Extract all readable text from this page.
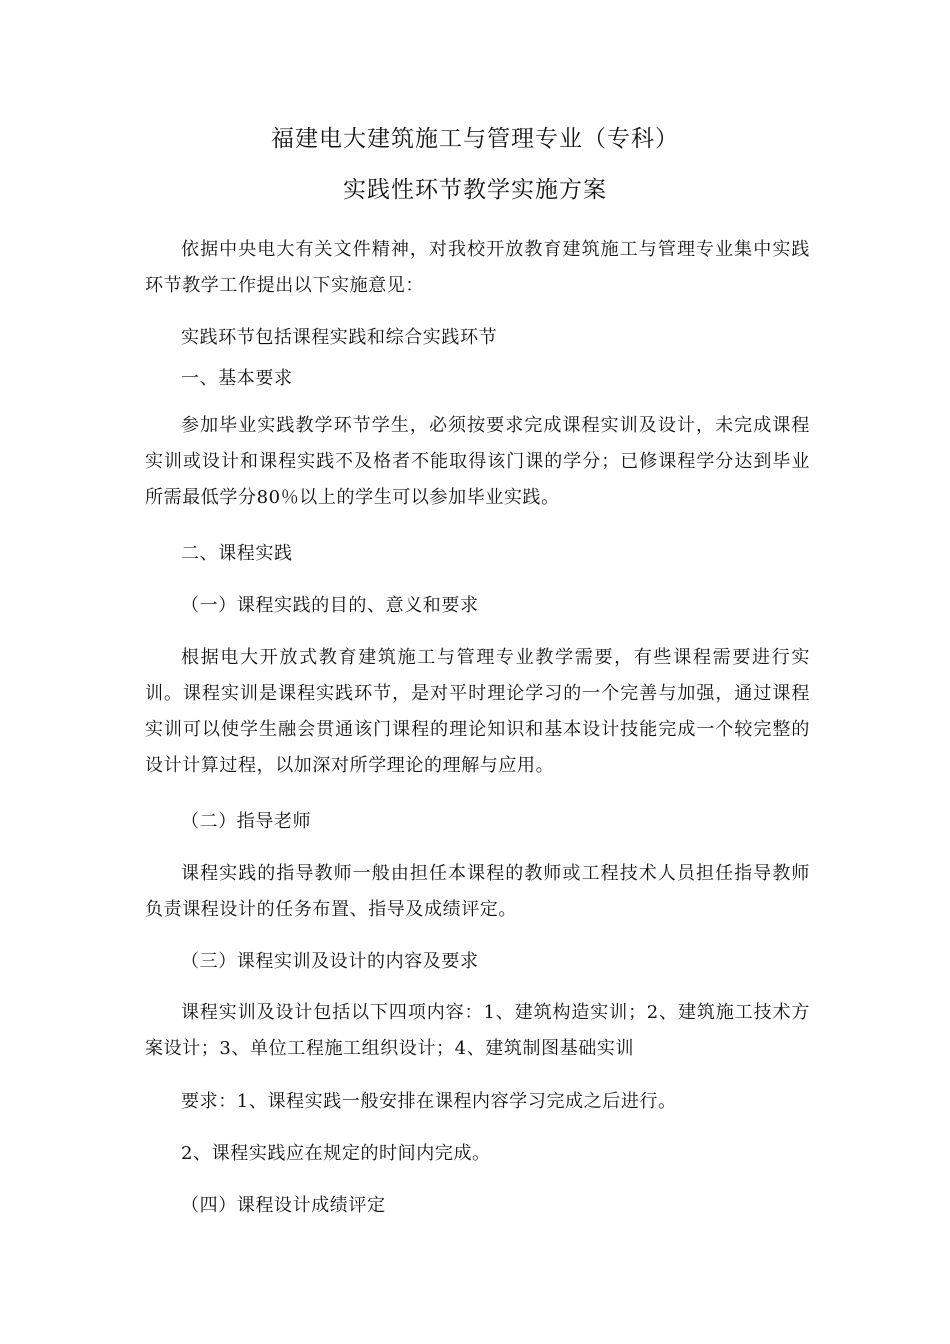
福建电大建筑施工与管理专业（专科）
实践性环节教学实施方案
依据中央电大有关文件精神，对我校开放教育建筑施工与管理专业集中实践环节教学工作提出以下实施意见：
实践环节包括课程实践和综合实践环节
一、基本要求
参加毕业实践教学环节学生，必须按要求完成课程实训及设计，未完成课程实训或设计和课程实践不及格者不能取得该门课的学分；已修课程学分达到毕业所需最低学分80％以上的学生可以参加毕业实践。
二、课程实践
（一）课程实践的目的、意义和要求
根据电大开放式教育建筑施工与管理专业教学需要，有些课程需要进行实训。课程实训是课程实践环节，是对平时理论学习的一个完善与加强，通过课程实训可以使学生融会贯通该门课程的理论知识和基本设计技能完成一个较完整的设计计算过程，以加深对所学理论的理解与应用。
（二）指导老师
课程实践的指导教师一般由担任本课程的教师或工程技术人员担任指导教师负责课程设计的任务布置、指导及成绩评定。
（三）课程实训及设计的内容及要求
课程实训及设计包括以下四项内容：1、建筑构造实训；2、建筑施工技术方案设计；3、单位工程施工组织设计；4、建筑制图基础实训
要求：1、课程实践一般安排在课程内容学习完成之后进行。
2、课程实践应在规定的时间内完成。
（四）课程设计成绩评定
